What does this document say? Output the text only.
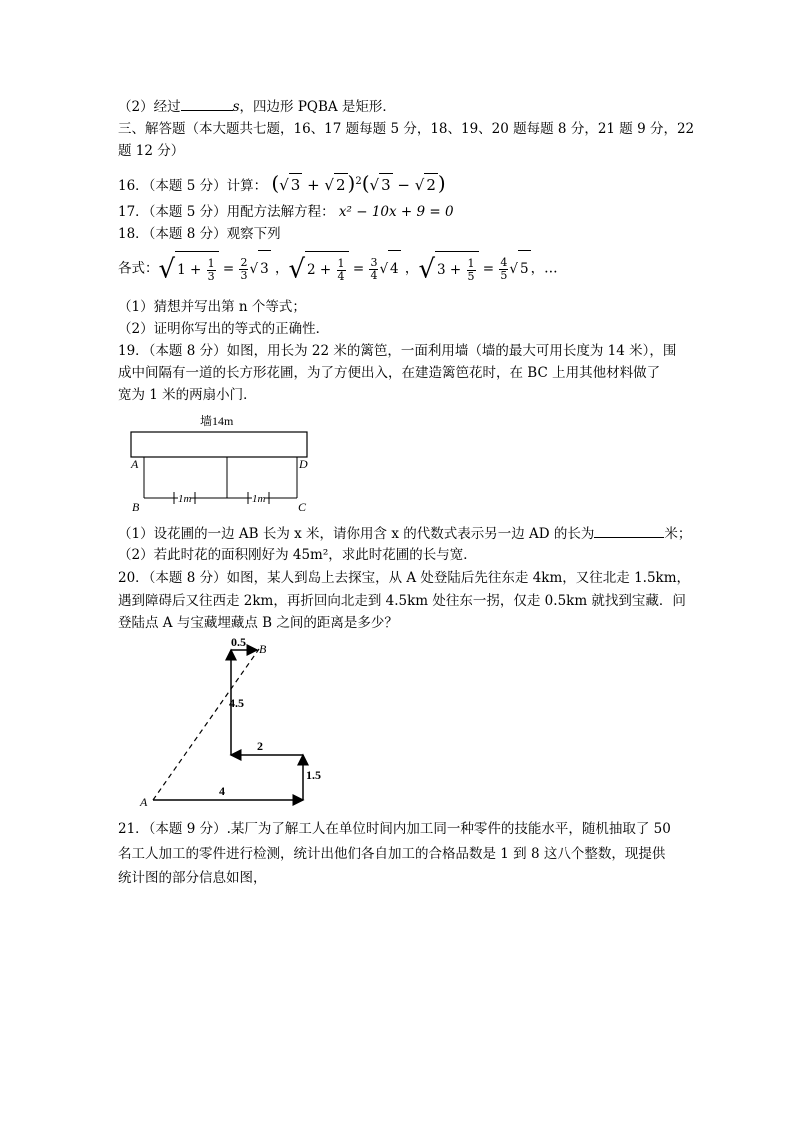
（2）经过	s，四边形 PQBA 是矩形．
三、解答题（本大题共七题，16、17 题每题 5 分，18、19、20 题每题 8 分，21 题 9 分，22
题 12 分）
16．（本题 5 分）计算： (√ 3 + √ 2 )$^2$(√ 3 − √ 2 )
17．（本题 5 分）用配方法解方程： x² − 10x + 9 = 0
18．（本题 8 分）观察下列
各式：√ $1 + \frac{1}{3} = \frac{2}{3}$ √ 3 ，√ $2 + \frac{1}{4} = \frac{3}{4}$ √ 4 ，√ $3 + \frac{1}{5} = \frac{4}{5}$ √ 5 ，…
（1）猜想并写出第 n 个等式；
（2）证明你写出的等式的正确性．
19．（本题 8 分）如图，用长为 22 米的篱笆，一面利用墙（墙的最大可用长度为 14 米），围
成中间隔有一道的长方形花圃，为了方便出入，在建造篱笆花时，在 BC 上用其他材料做了
宽为 1 米的两扇小门．
墙14m
1m	1m
A	D
B	C
（1）设花圃的一边 AB 长为 x 米，请你用含 x 的代数式表示另一边 AD 的长为	米；
（2）若此时花的面积刚好为 45m²，求此时花圃的长与宽．
20．（本题 8 分）如图，某人到岛上去探宝，从 A 处登陆后先往东走 4km，又往北走 1.5km，
遇到障碍后又往西走 2km，再折回向北走到 4.5km 处往东一拐，仅走 0.5km 就找到宝藏．问
登陆点 A 与宝藏埋藏点 B 之间的距离是多少？
A
B
4
1.5
2
4.5
0.5
21．（本题 9 分）.某厂为了解工人在单位时间内加工同一种零件的技能水平，随机抽取了 50
名工人加工的零件进行检测，统计出他们各自加工的合格品数是 1 到 8 这八个整数，现提供
统计图的部分信息如图，
